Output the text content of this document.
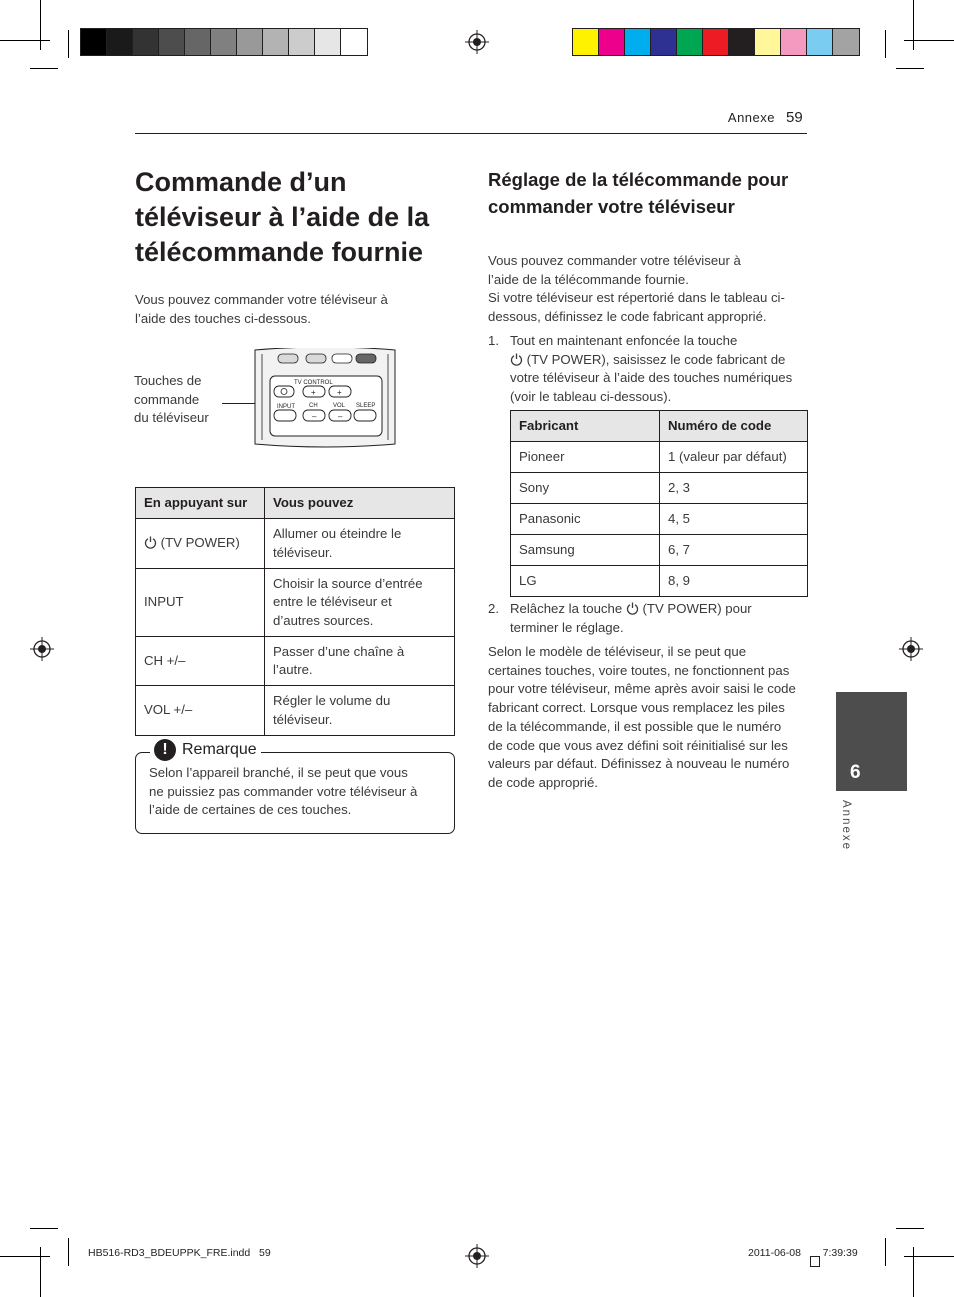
Annexe 59
Commande d’un téléviseur à l’aide de la télécommande fournie
Vous pouvez commander votre téléviseur à
l’aide des touches ci-dessous.
Touches de
commande
du téléviseur
TV CONTROL
+	+
–	–
INPUT CH	VOL SLEEP
En appuyant sur	Vous pouvez
(TV POWER)	Allumer ou éteindre le
téléviseur.

INPUT	Choisir la source d’entrée
entre le téléviseur et
d’autres sources.

CH +/–	Passer d’une chaîne à
l’autre.

VOL +/–	Régler le volume du
téléviseur.
! Remarque
Selon l’appareil branché, il se peut que vous
ne puissiez pas commander votre téléviseur à
l’aide de certaines de ces touches.
Réglage de la télécommande pour commander votre téléviseur
Vous pouvez commander votre téléviseur à
l’aide de la télécommande fournie.
Si votre téléviseur est répertorié dans le tableau ci-
dessous, définissez le code fabricant approprié.
1. Tout en maintenant enfoncée la touche
(TV POWER), saisissez le code fabricant de
votre téléviseur à l’aide des touches numériques
(voir le tableau ci-dessous).
Fabricant	Numéro de code
Pioneer	1 (valeur par défaut)
Sony	2, 3
Panasonic	4, 5
Samsung	6, 7
LG	8, 9
2. Relâchez la touche (TV POWER) pour
terminer le réglage.
Selon le modèle de téléviseur, il se peut que
certaines touches, voire toutes, ne fonctionnent pas
pour votre téléviseur, même après avoir saisi le code
fabricant correct. Lorsque vous remplacez les piles
de la télécommande, il est possible que le numéro
de code que vous avez défini soit réinitialisé sur les
valeurs par défaut. Définissez à nouveau le numéro
de code approprié.	6
Annexe
HB516-RD3_BDEUPPK_FRE.indd 59	2011-06-08 7:39:39
